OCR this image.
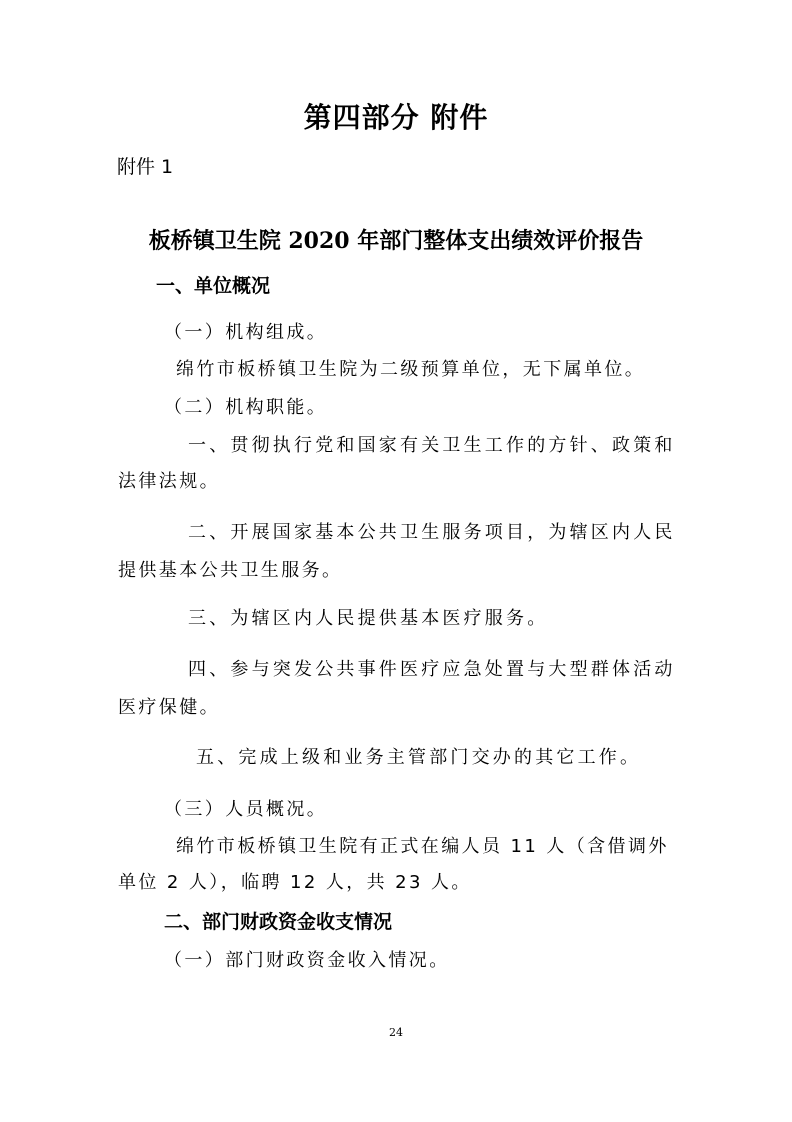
第四部分 附件

附件 1

板桥镇卫生院 2020 年部门整体支出绩效评价报告
一、单位概况

（一）机构组成。

绵竹市板桥镇卫生院为二级预算单位，无下属单位。

（二）机构职能。

一、贯彻执行党和国家有关卫生工作的方针、政策和

法律法规。

二、开展国家基本公共卫生服务项目，为辖区内人民

提供基本公共卫生服务。

三、为辖区内人民提供基本医疗服务。

四、参与突发公共事件医疗应急处置与大型群体活动

医疗保健。

五、完成上级和业务主管部门交办的其它工作。

（三）人员概况。

绵竹市板桥镇卫生院有正式在编人员 11 人（含借调外

单位 2 人），临聘 12 人，共 23 人。

二、部门财政资金收支情况

（一）部门财政资金收入情况。

24
